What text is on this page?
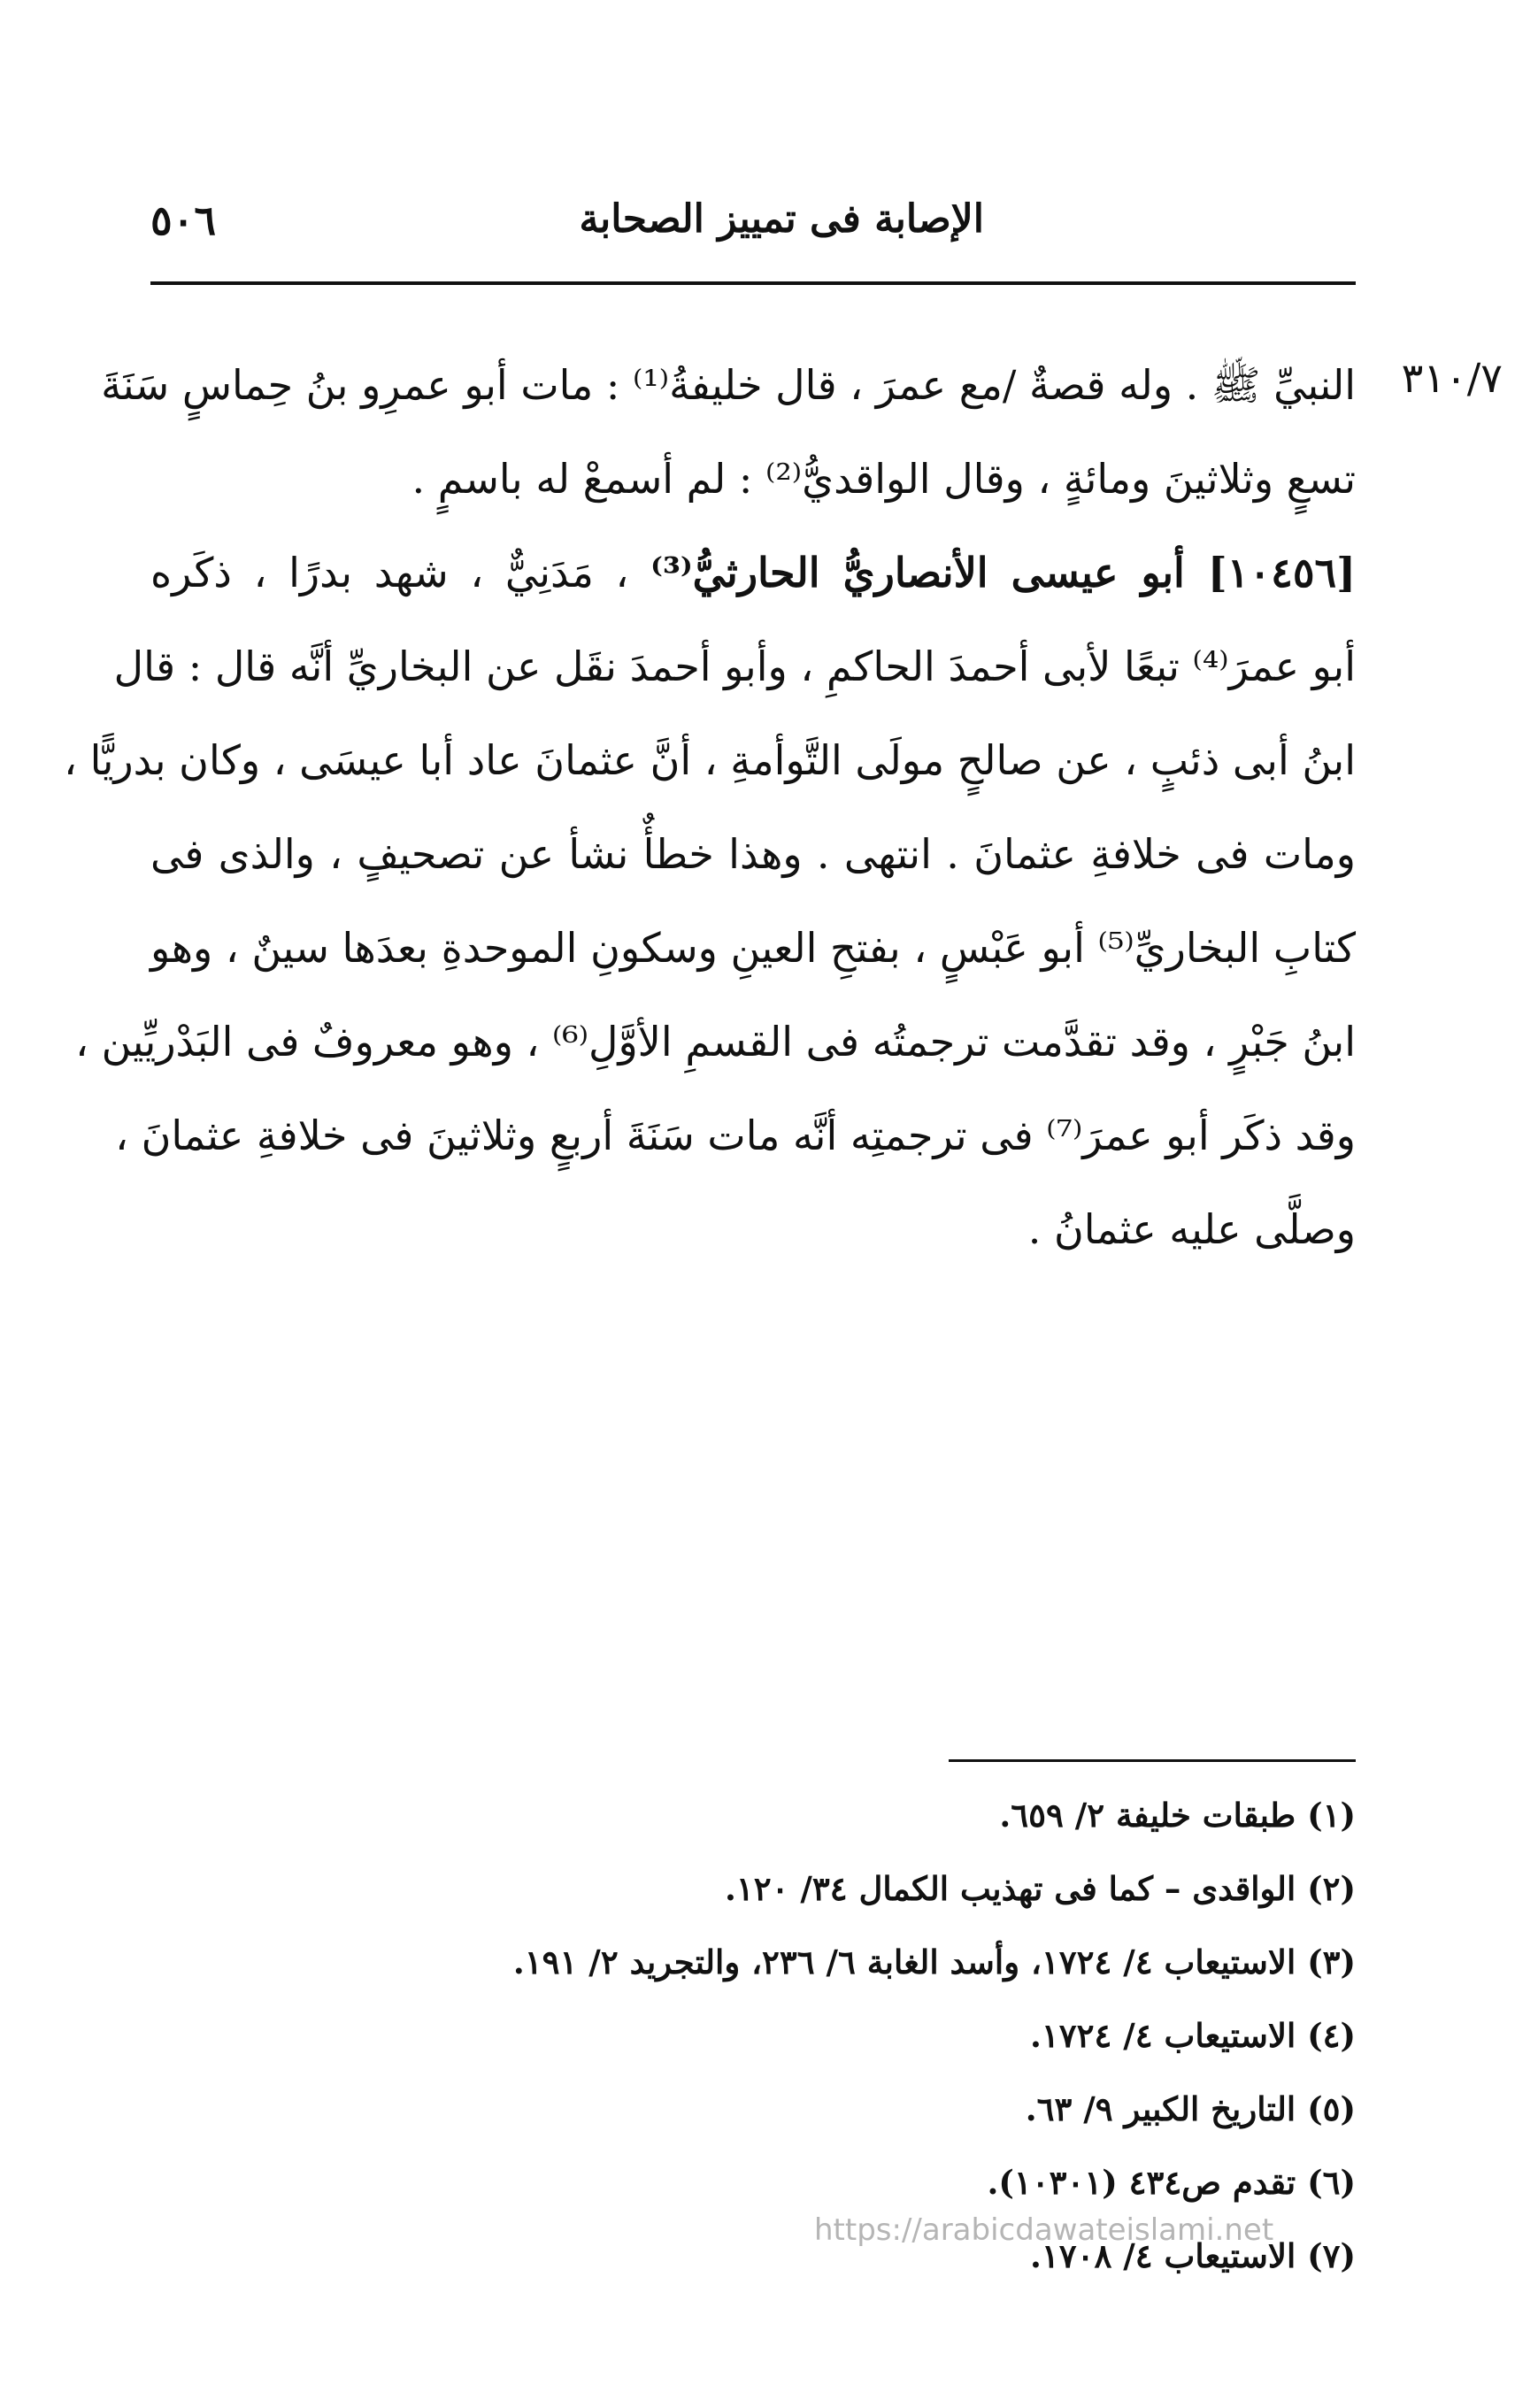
الإصابة فى تمييز الصحابة
٥٠٦
٣١٠/٧
النبيِّ ﷺ . وله قصةٌ /مع عمرَ ، قال خليفةُ⁽¹⁾ : مات أبو عمرِو بنُ حِماسٍ سَنَةَ
تسعٍ وثلاثينَ ومائةٍ ، وقال الواقديُّ⁽²⁾ : لم أسمعْ له باسمٍ .
[١٠٤٥٦] أبو عيسى الأنصاريُّ الحارثيُّ⁽³⁾ ، مَدَنِيٌّ ، شهد بدرًا ، ذكَره
أبو عمرَ⁽⁴⁾ تبعًا لأبى أحمدَ الحاكمِ ، وأبو أحمدَ نقَل عن البخاريِّ أنَّه قال : قال
ابنُ أبى ذئبٍ ، عن صالحٍ مولَى التَّوأمةِ ، أنَّ عثمانَ عاد أبا عيسَى ، وكان بدريًّا ،
ومات فى خلافةِ عثمانَ . انتهى . وهذا خطأٌ نشأ عن تصحيفٍ ، والذى فى
كتابِ البخاريِّ⁽⁵⁾ أبو عَبْسٍ ، بفتحِ العينِ وسكونِ الموحدةِ بعدَها سينٌ ، وهو
ابنُ جَبْرٍ ، وقد تقدَّمت ترجمتُه فى القسمِ الأوَّلِ⁽⁶⁾ ، وهو معروفٌ فى البَدْريِّين ،
وقد ذكَر أبو عمرَ⁽⁷⁾ فى ترجمتِه أنَّه مات سَنَةَ أربعٍ وثلاثينَ فى خلافةِ عثمانَ ،
وصلَّى عليه عثمانُ .
(١) طبقات خليفة ٢/ ٦٥٩.
(٢) الواقدى – كما فى تهذيب الكمال ٣٤/ ١٢٠.
(٣) الاستيعاب ٤/ ١٧٢٤، وأسد الغابة ٦/ ٢٣٦، والتجريد ٢/ ١٩١.
(٤) الاستيعاب ٤/ ١٧٢٤.
(٥) التاريخ الكبير ٩/ ٦٣.
(٦) تقدم ص٤٣٤ (١٠٣٠١).
(٧) الاستيعاب ٤/ ١٧٠٨.
https://arabicdawateislami.net
